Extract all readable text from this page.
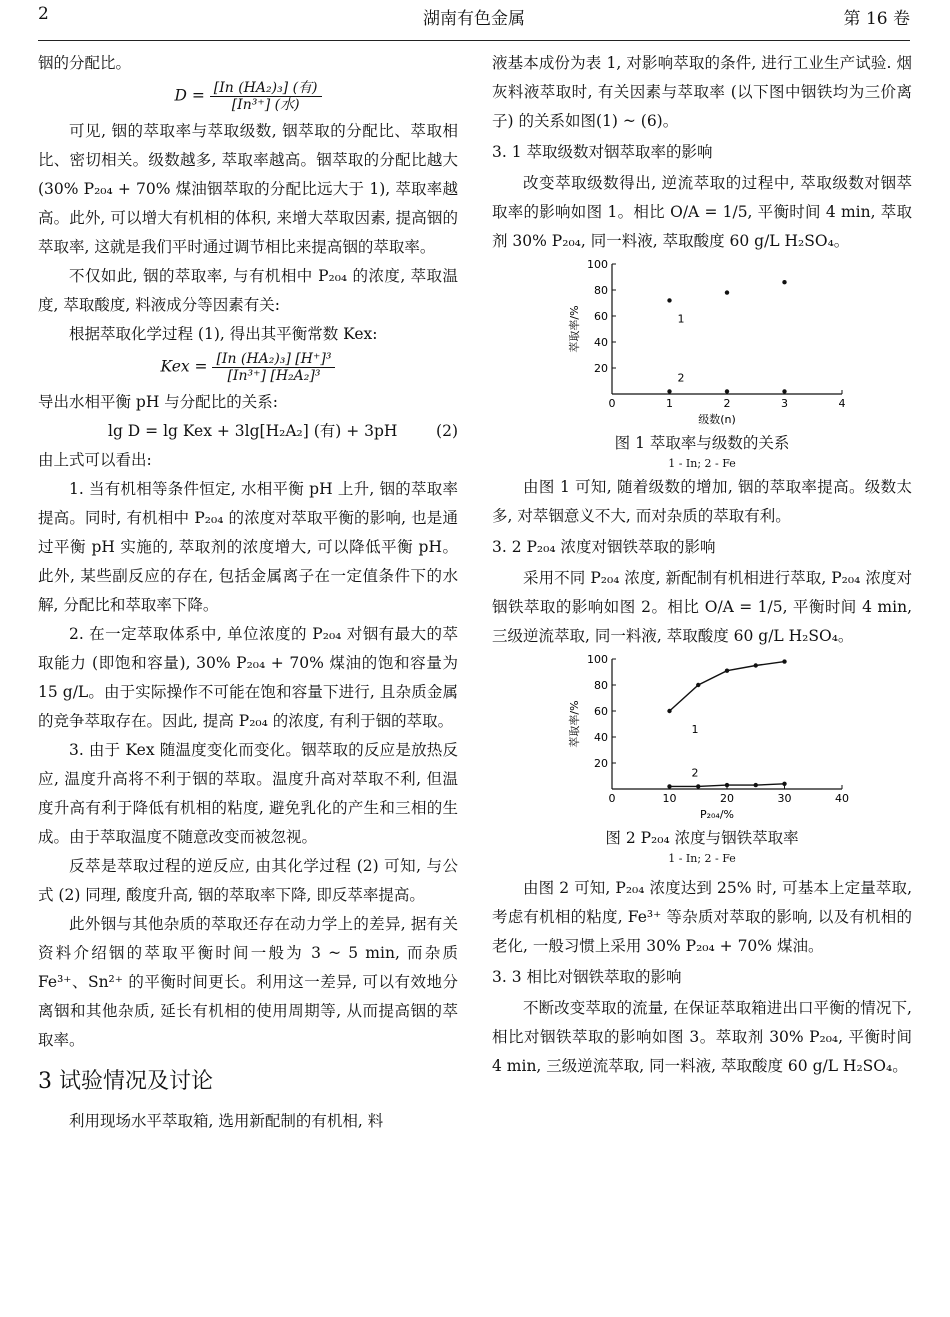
2	湖南有色金属	第 16 卷

铟的分配比。

$D = \frac{\text{[In (HA₂)₃] (有)}}{\text{[In³⁺] (水)}}$

可见, 铟的萃取率与萃取级数, 铟萃取的分配比、萃取相比、密切相关。级数越多, 萃取率越高。铟萃取的分配比越大 (30% P₂₀₄ + 70% 煤油铟萃取的分配比远大于 1), 萃取率越高。此外, 可以增大有机相的体积, 来增大萃取因素, 提高铟的萃取率, 这就是我们平时通过调节相比来提高铟的萃取率。

不仅如此, 铟的萃取率, 与有机相中 P₂₀₄ 的浓度, 萃取温度, 萃取酸度, 料液成分等因素有关:

根据萃取化学过程 (1), 得出其平衡常数 Kex:

Kex = $\frac{\text{[In (HA₂)₃] [H⁺]³}}{\text{[In³⁺] [H₂A₂]³}}$

导出水相平衡 pH 与分配比的关系:

lg D = lg Kex + 3lg[H₂A₂] (有) + 3pH (2)

由上式可以看出:

1. 当有机相等条件恒定, 水相平衡 pH 上升, 铟的萃取率提高。同时, 有机相中 P₂₀₄ 的浓度对萃取平衡的影响, 也是通过平衡 pH 实施的, 萃取剂的浓度增大, 可以降低平衡 pH。此外, 某些副反应的存在, 包括金属离子在一定值条件下的水解, 分配比和萃取率下降。

2. 在一定萃取体系中, 单位浓度的 P₂₀₄ 对铟有最大的萃取能力 (即饱和容量), 30% P₂₀₄ + 70% 煤油的饱和容量为 15 g/L。由于实际操作不可能在饱和容量下进行, 且杂质金属的竞争萃取存在。因此, 提高 P₂₀₄ 的浓度, 有利于铟的萃取。

3. 由于 Kex 随温度变化而变化。铟萃取的反应是放热反应, 温度升高将不利于铟的萃取。温度升高对萃取不利, 但温度升高有利于降低有机相的粘度, 避免乳化的产生和三相的生成。由于萃取温度不随意改变而被忽视。

反萃是萃取过程的逆反应, 由其化学过程 (2) 可知, 与公式 (2) 同理, 酸度升高, 铟的萃取率下降, 即反萃率提高。

此外铟与其他杂质的萃取还存在动力学上的差异, 据有关资料介绍铟的萃取平衡时间一般为 3 ~ 5 min, 而杂质 Fe³⁺、Sn²⁺ 的平衡时间更长。利用这一差异, 可以有效地分离铟和其他杂质, 延长有机相的使用周期等, 从而提高铟的萃取率。

3 试验情况及讨论

利用现场水平萃取箱, 选用新配制的有机相, 料

液基本成份为表 1, 对影响萃取的条件, 进行工业生产试验. 烟灰料液萃取时, 有关因素与萃取率 (以下图中铟铁均为三价离子) 的关系如图(1) ~ (6)。

3. 1 萃取级数对铟萃取率的影响

改变萃取级数得出, 逆流萃取的过程中, 萃取级数对铟萃取率的影响如图 1。相比 O/A = 1/5, 平衡时间 4 min, 萃取剂 30% P₂₀₄, 同一料液, 萃取酸度 60 g/L H₂SO₄。

0	1	2	3	4
20
40
60
80
100
级数(n)
萃取率/%	1
2
图 1 萃取率与级数的关系
1 - In; 2 - Fe

由图 1 可知, 随着级数的增加, 铟的萃取率提高。级数太多, 对萃铟意义不大, 而对杂质的萃取有利。

3. 2 P₂₀₄ 浓度对铟铁萃取的影响

采用不同 P₂₀₄ 浓度, 新配制有机相进行萃取, P₂₀₄ 浓度对铟铁萃取的影响如图 2。相比 O/A = 1/5, 平衡时间 4 min, 三级逆流萃取, 同一料液, 萃取酸度 60 g/L H₂SO₄。

0	10	20	30	40
20
40
60
80
100
P₂₀₄/%
萃取率/%	1
2
图 2 P₂₀₄ 浓度与铟铁萃取率
1 - In; 2 - Fe

由图 2 可知, P₂₀₄ 浓度达到 25% 时, 可基本上定量萃取, 考虑有机相的粘度, Fe³⁺ 等杂质对萃取的影响, 以及有机相的老化, 一般习惯上采用 30% P₂₀₄ + 70% 煤油。

3. 3 相比对铟铁萃取的影响

不断改变萃取的流量, 在保证萃取箱进出口平衡的情况下, 相比对铟铁萃取的影响如图 3。萃取剂 30% P₂₀₄, 平衡时间 4 min, 三级逆流萃取, 同一料液, 萃取酸度 60 g/L H₂SO₄。
